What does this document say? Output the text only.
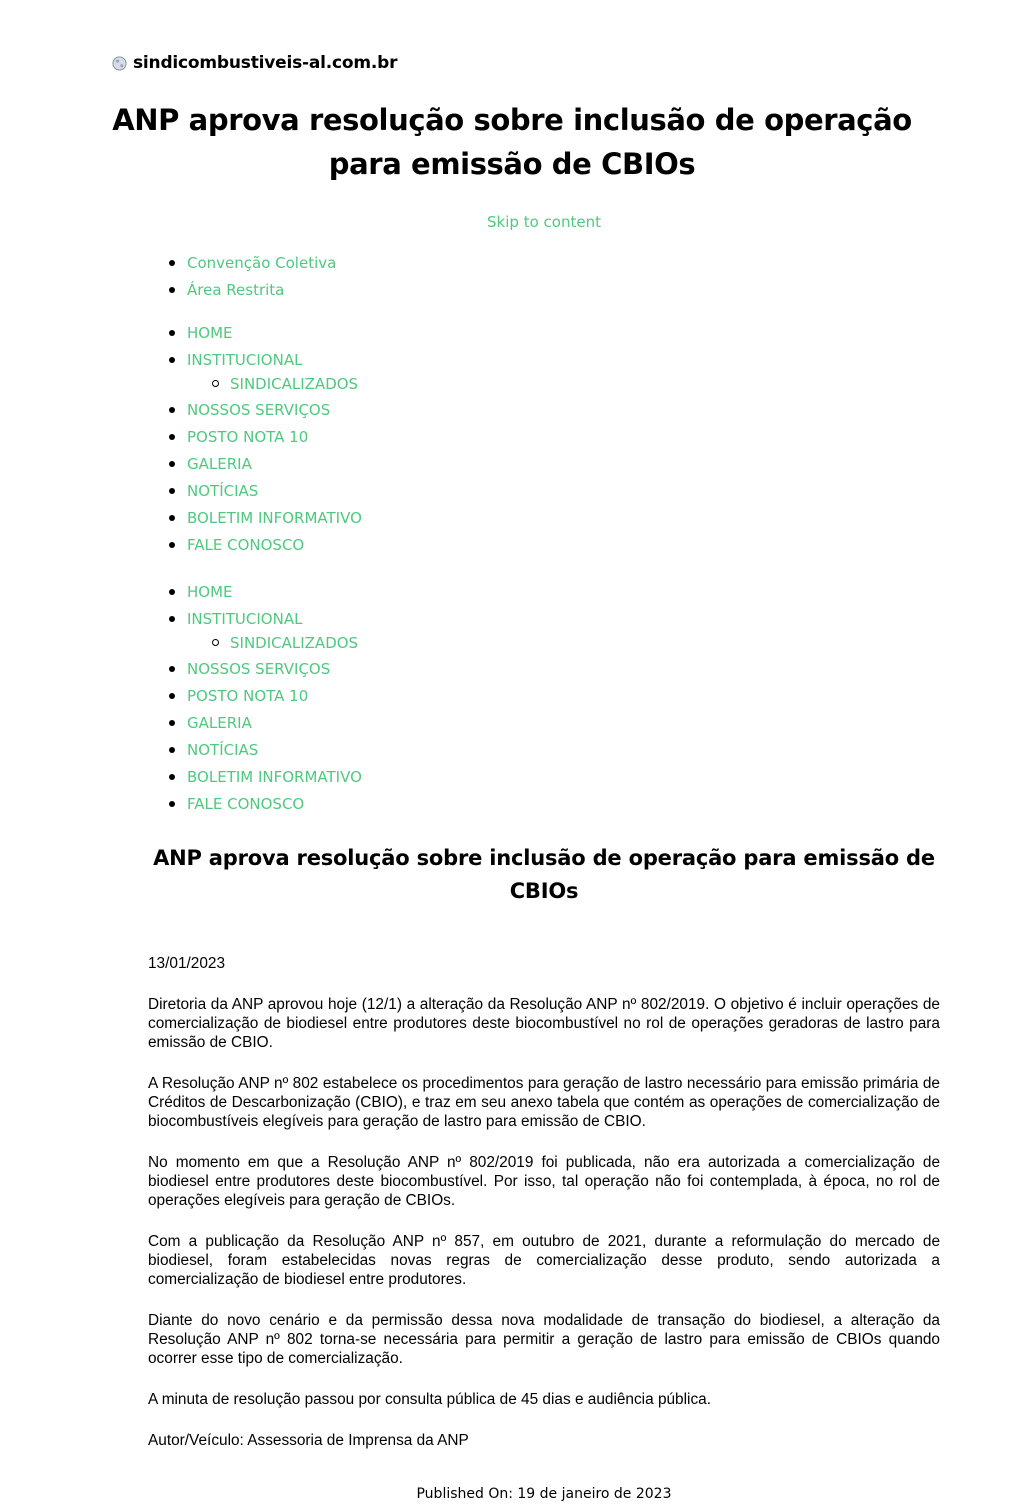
sindicombustiveis-al.com.br
ANP aprova resolução sobre inclusão de operação para emissão de CBIOs
Skip to content
Convenção Coletiva
Área Restrita
HOME
INSTITUCIONAL
SINDICALIZADOS
NOSSOS SERVIÇOS
POSTO NOTA 10
GALERIA
NOTÍCIAS
BOLETIM INFORMATIVO
FALE CONOSCO
HOME
INSTITUCIONAL
SINDICALIZADOS
NOSSOS SERVIÇOS
POSTO NOTA 10
GALERIA
NOTÍCIAS
BOLETIM INFORMATIVO
FALE CONOSCO
ANP aprova resolução sobre inclusão de operação para emissão de CBIOs

13/01/2023

Diretoria da ANP aprovou hoje (12/1) a alteração da Resolução ANP nº 802/2019. O objetivo é incluir operações de comercialização de biodiesel entre produtores deste biocombustível no rol de operações geradoras de lastro para emissão de CBIO.

A Resolução ANP nº 802 estabelece os procedimentos para geração de lastro necessário para emissão primária de Créditos de Descarbonização (CBIO), e traz em seu anexo tabela que contém as operações de comercialização de biocombustíveis elegíveis para geração de lastro para emissão de CBIO.

No momento em que a Resolução ANP nº 802/2019 foi publicada, não era autorizada a comercialização de biodiesel entre produtores deste biocombustível. Por isso, tal operação não foi contemplada, à época, no rol de operações elegíveis para geração de CBIOs.

Com a publicação da Resolução ANP nº 857, em outubro de 2021, durante a reformulação do mercado de biodiesel, foram estabelecidas novas regras de comercialização desse produto, sendo autorizada a comercialização de biodiesel entre produtores.

Diante do novo cenário e da permissão dessa nova modalidade de transação do biodiesel, a alteração da Resolução ANP nº 802 torna-se necessária para permitir a geração de lastro para emissão de CBIOs quando ocorrer esse tipo de comercialização.

A minuta de resolução passou por consulta pública de 45 dias e audiência pública.

Autor/Veículo: Assessoria de Imprensa da ANP

Published On: 19 de janeiro de 2023
